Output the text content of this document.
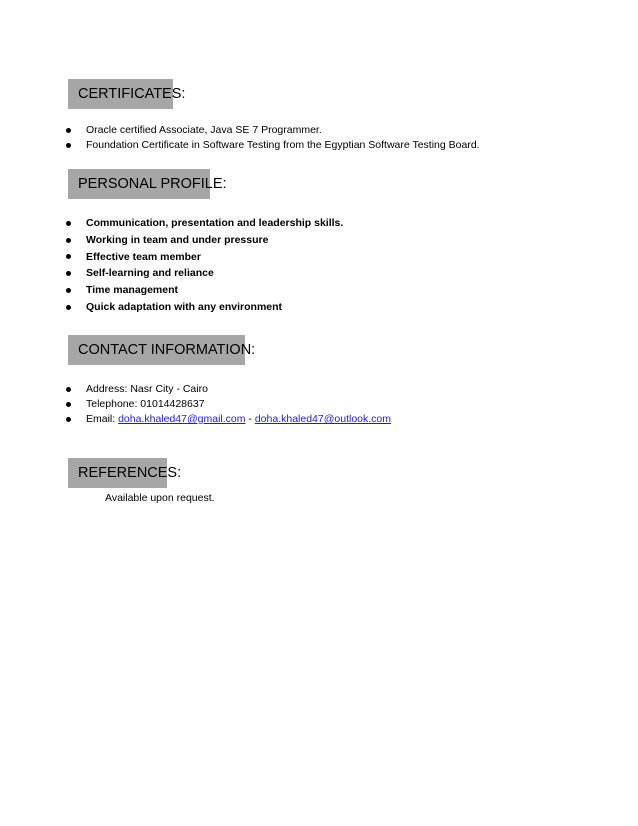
CERTIFICATES:
Oracle certified Associate, Java SE 7 Programmer.
Foundation Certificate in Software Testing from the Egyptian Software Testing Board.
PERSONAL PROFILE:
Communication, presentation and leadership skills.
Working in team and under pressure
Effective team member
Self-learning and reliance
Time management
Quick adaptation with any environment
CONTACT INFORMATION:
Address: Nasr City - Cairo
Telephone: 01014428637
Email: doha.khaled47@gmail.com - doha.khaled47@outlook.com
REFERENCES:
Available upon request.
